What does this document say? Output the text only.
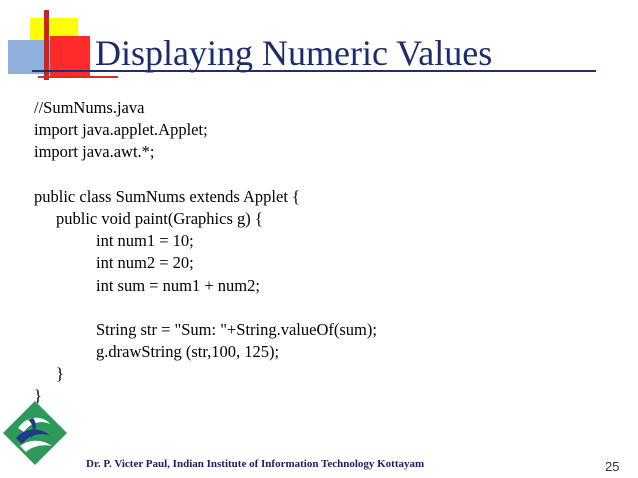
Displaying Numeric Values
//SumNums.java
import java.applet.Applet;
import java.awt.*;
public class SumNums extends Applet {
public void paint(Graphics g) {
int num1 = 10;
int num2 = 20;
int sum = num1 + num2;
String str = "Sum: "+String.valueOf(sum);
g.drawString (str,100, 125);
}
}
Dr. P. Victer Paul, Indian Institute of Information Technology Kottayam	25
